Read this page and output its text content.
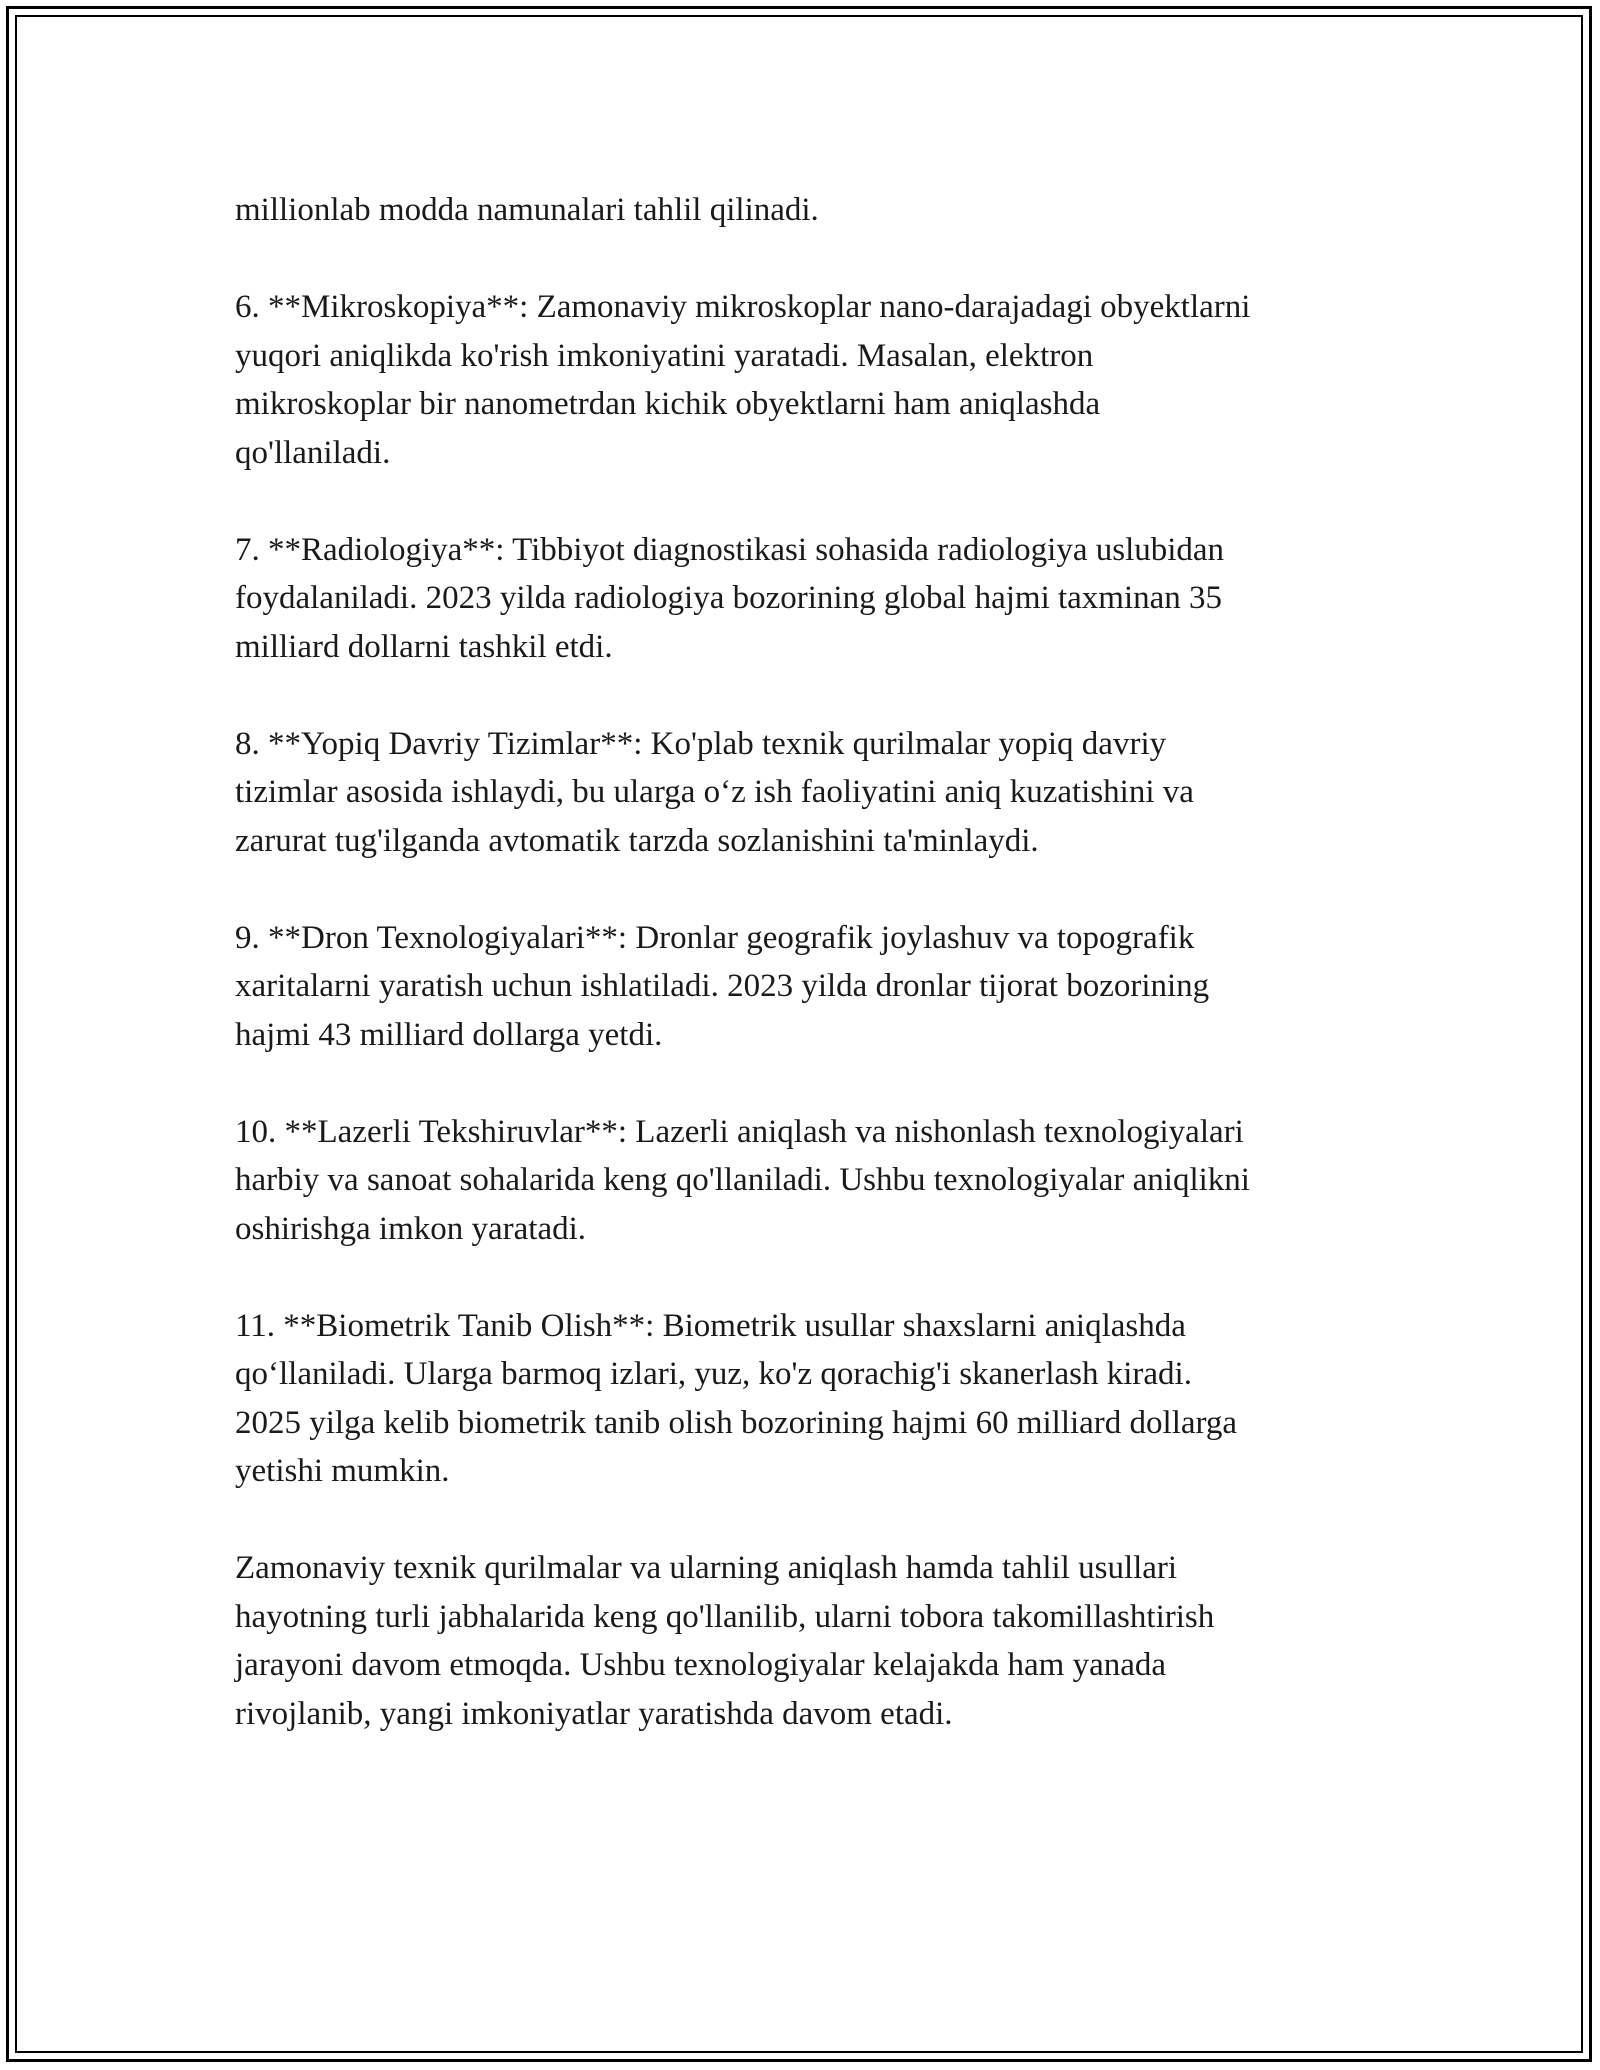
millionlab modda namunalari tahlil qilinadi.

6. **Mikroskopiya**: Zamonaviy mikroskoplar nano-darajadagi obyektlarni
yuqori aniqlikda ko'rish imkoniyatini yaratadi. Masalan, elektron
mikroskoplar bir nanometrdan kichik obyektlarni ham aniqlashda
qo'llaniladi.

7. **Radiologiya**: Tibbiyot diagnostikasi sohasida radiologiya uslubidan
foydalaniladi. 2023 yilda radiologiya bozorining global hajmi taxminan 35
milliard dollarni tashkil etdi.

8. **Yopiq Davriy Tizimlar**: Ko'plab texnik qurilmalar yopiq davriy
tizimlar asosida ishlaydi, bu ularga o‘z ish faoliyatini aniq kuzatishini va
zarurat tug'ilganda avtomatik tarzda sozlanishini ta'minlaydi.

9. **Dron Texnologiyalari**: Dronlar geografik joylashuv va topografik
xaritalarni yaratish uchun ishlatiladi. 2023 yilda dronlar tijorat bozorining
hajmi 43 milliard dollarga yetdi.

10. **Lazerli Tekshiruvlar**: Lazerli aniqlash va nishonlash texnologiyalari
harbiy va sanoat sohalarida keng qo'llaniladi. Ushbu texnologiyalar aniqlikni
oshirishga imkon yaratadi.

11. **Biometrik Tanib Olish**: Biometrik usullar shaxslarni aniqlashda
qo‘llaniladi. Ularga barmoq izlari, yuz, ko'z qorachig'i skanerlash kiradi.
2025 yilga kelib biometrik tanib olish bozorining hajmi 60 milliard dollarga
yetishi mumkin.

Zamonaviy texnik qurilmalar va ularning aniqlash hamda tahlil usullari
hayotning turli jabhalarida keng qo'llanilib, ularni tobora takomillashtirish
jarayoni davom etmoqda. Ushbu texnologiyalar kelajakda ham yanada
rivojlanib, yangi imkoniyatlar yaratishda davom etadi.
